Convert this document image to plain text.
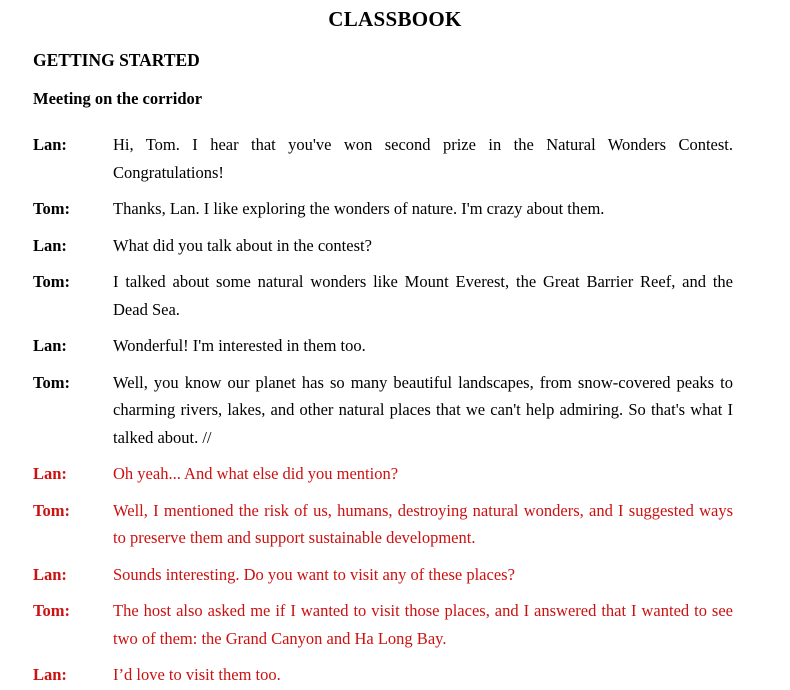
CLASSBOOK
GETTING STARTED
Meeting on the corridor
Lan:	Hi, Tom. I hear that you've won second prize in the Natural Wonders Contest. Congratulations!
Tom:	Thanks, Lan. I like exploring the wonders of nature. I'm crazy about them.
Lan:	What did you talk about in the contest?
Tom:	I talked about some natural wonders like Mount Everest, the Great Barrier Reef, and the Dead Sea.
Lan:	Wonderful! I'm interested in them too.
Tom:	Well, you know our planet has so many beautiful landscapes, from snow-covered peaks to charming rivers, lakes, and other natural places that we can't help admiring. So that's what I talked about. //
Lan:	Oh yeah... And what else did you mention?
Tom:	Well, I mentioned the risk of us, humans, destroying natural wonders, and I suggested ways to preserve them and support sustainable development.
Lan:	Sounds interesting. Do you want to visit any of these places?
Tom:	The host also asked me if I wanted to visit those places, and I answered that I wanted to see two of them: the Grand Canyon and Ha Long Bay.
Lan:	I’d love to visit them too.
